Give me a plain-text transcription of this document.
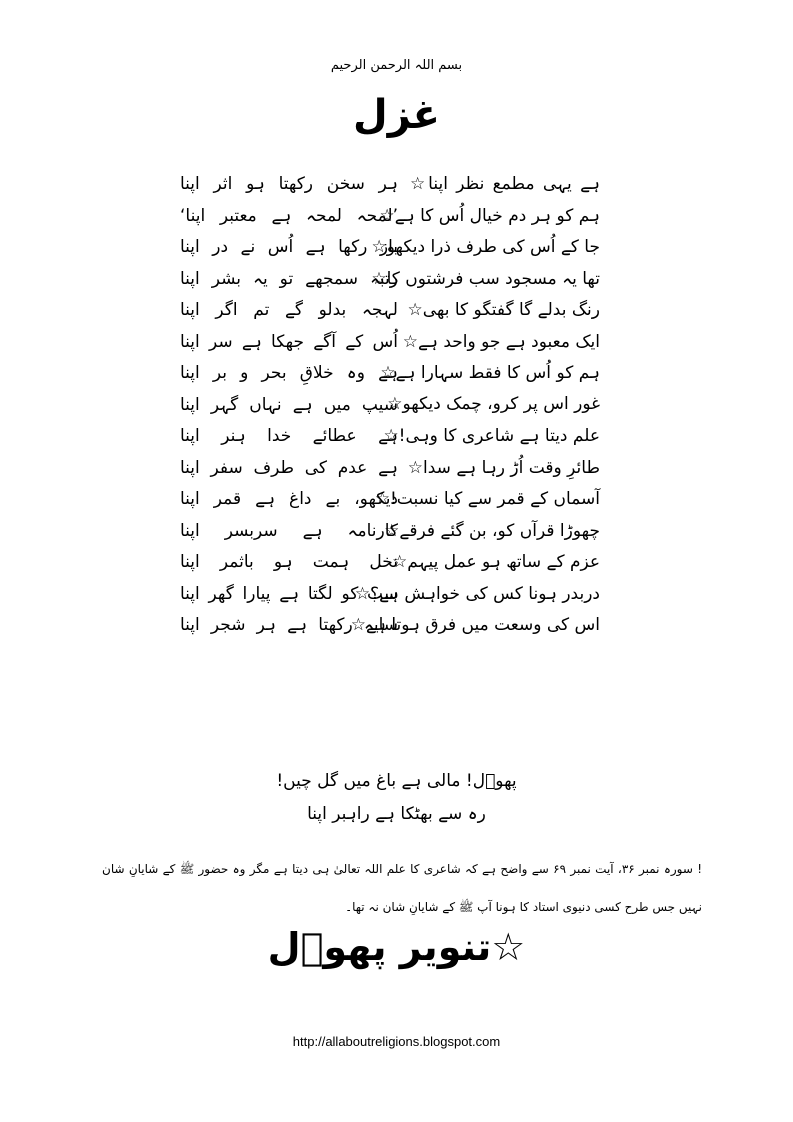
بسم اللہ الرحمن الرحیم
غزل
ہے یہی مطمع نظر اپنا☆
ہر سخن رکھتا ہو اثر اپنا
ہم کو ہر دم خیال اُس کا ہے☆
’لمحہ لمحہ ہے معتبر اپنا‘
جا کے اُس کی طرف ذرا دیکھو☆
باز رکھا ہے اُس نے در اپنا
تھا یہ مسجود سب فرشتوں کا☆
رتبہ سمجھے تو یہ بشر اپنا
رنگ بدلے گا گفتگو کا بھی☆
لہجہ بدلو گے تم اگر اپنا
ایک معبود ہے جو واحد ہے☆
اُس کے آگے جھکا ہے سر اپنا
ہم کو اُس کا فقط سہارا ہے☆
ہے وہ خلاقِ بحر و بر اپنا
غور اس پر کرو، چمک دیکھو☆
سیپ میں ہے نہاں گہر اپنا
علم دیتا ہے شاعری کا وہی!☆
ہے عطائے خدا ہنر اپنا
طائرِ وقت اُڑ رہا ہے سدا☆
ہے عدم کی طرف سفر اپنا
آسماں کے قمر سے کیا نسبت!☆
دیکھو، بے داغ ہے قمر اپنا
چھوڑا قرآں کو، بن گئے فرقے☆
کارنامہ ہے سربسر اپنا
عزم کے ساتھ ہو عمل پیہم☆
نخل ہمت ہو باثمر اپنا
دربدر ہونا کس کی خواہش ہے؟☆
سب کو لگتا ہے پیارا گھر اپنا
اس کی وسعت میں فرق ہوتا ہے☆
سایہ رکھتا ہے ہر شجر اپنا
پھوؔل! مالی ہے باغ میں گل چیں!
رہ سے بھٹکا ہے راہبر اپنا
! سورہ نمبر ۳۶، آیت نمبر ۶۹ سے واضح ہے کہ شاعری کا علم اللہ تعالیٰ ہی دیتا ہے مگر وہ حضور ﷺ کے شایانِ شان نہیں جس طرح کسی دنیوی استاد کا ہونا آپ ﷺ کے شایانِ شان نہ تھا۔
☆تنویر پھوؔل
http://allaboutreligions.blogspot.com
